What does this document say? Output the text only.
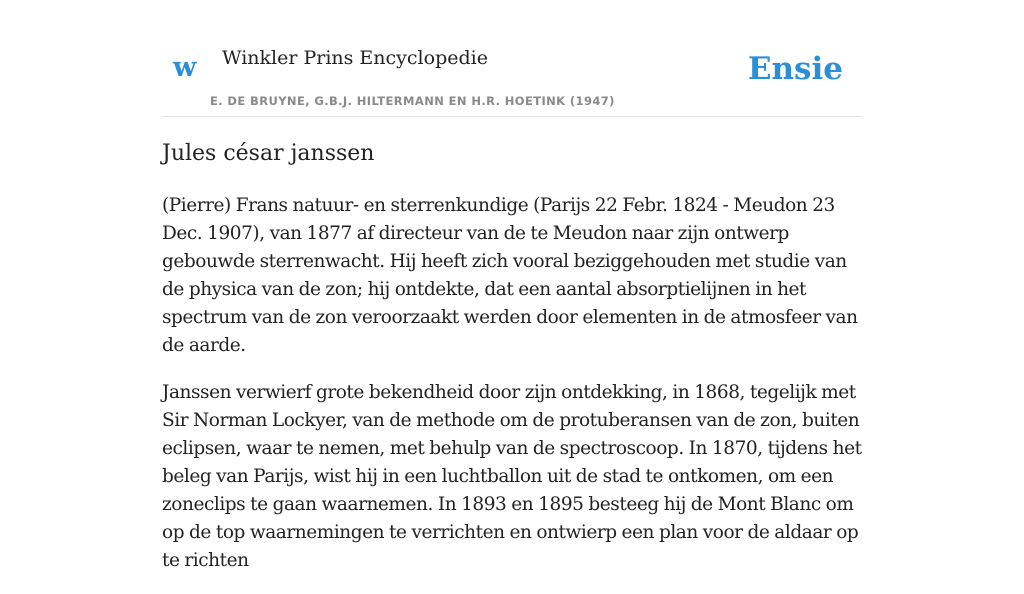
w Winkler Prins Encyclopedie
E. DE BRUYNE, G.B.J. HILTERMANN EN H.R. HOETINK (1947)
Ensie
Jules césar janssen

(Pierre) Frans natuur- en sterrenkundige (Parijs 22 Febr. 1824 - Meudon 23 Dec. 1907), van 1877 af directeur van de te Meudon naar zijn ontwerp gebouwde sterrenwacht. Hij heeft zich vooral beziggehouden met studie van de physica van de zon; hij ontdekte, dat een aantal absorptielijnen in het spectrum van de zon veroorzaakt werden door elementen in de atmosfeer van de aarde.

Janssen verwierf grote bekendheid door zijn ontdekking, in 1868, tegelijk met Sir Norman Lockyer, van de methode om de protuberansen van de zon, buiten eclipsen, waar te nemen, met behulp van de spectroscoop. In 1870, tijdens het beleg van Parijs, wist hij in een luchtballon uit de stad te ontkomen, om een zoneclips te gaan waarnemen. In 1893 en 1895 besteeg hij de Mont Blanc om op de top waarnemingen te verrichten en ontwierp een plan voor de aldaar op te richten
